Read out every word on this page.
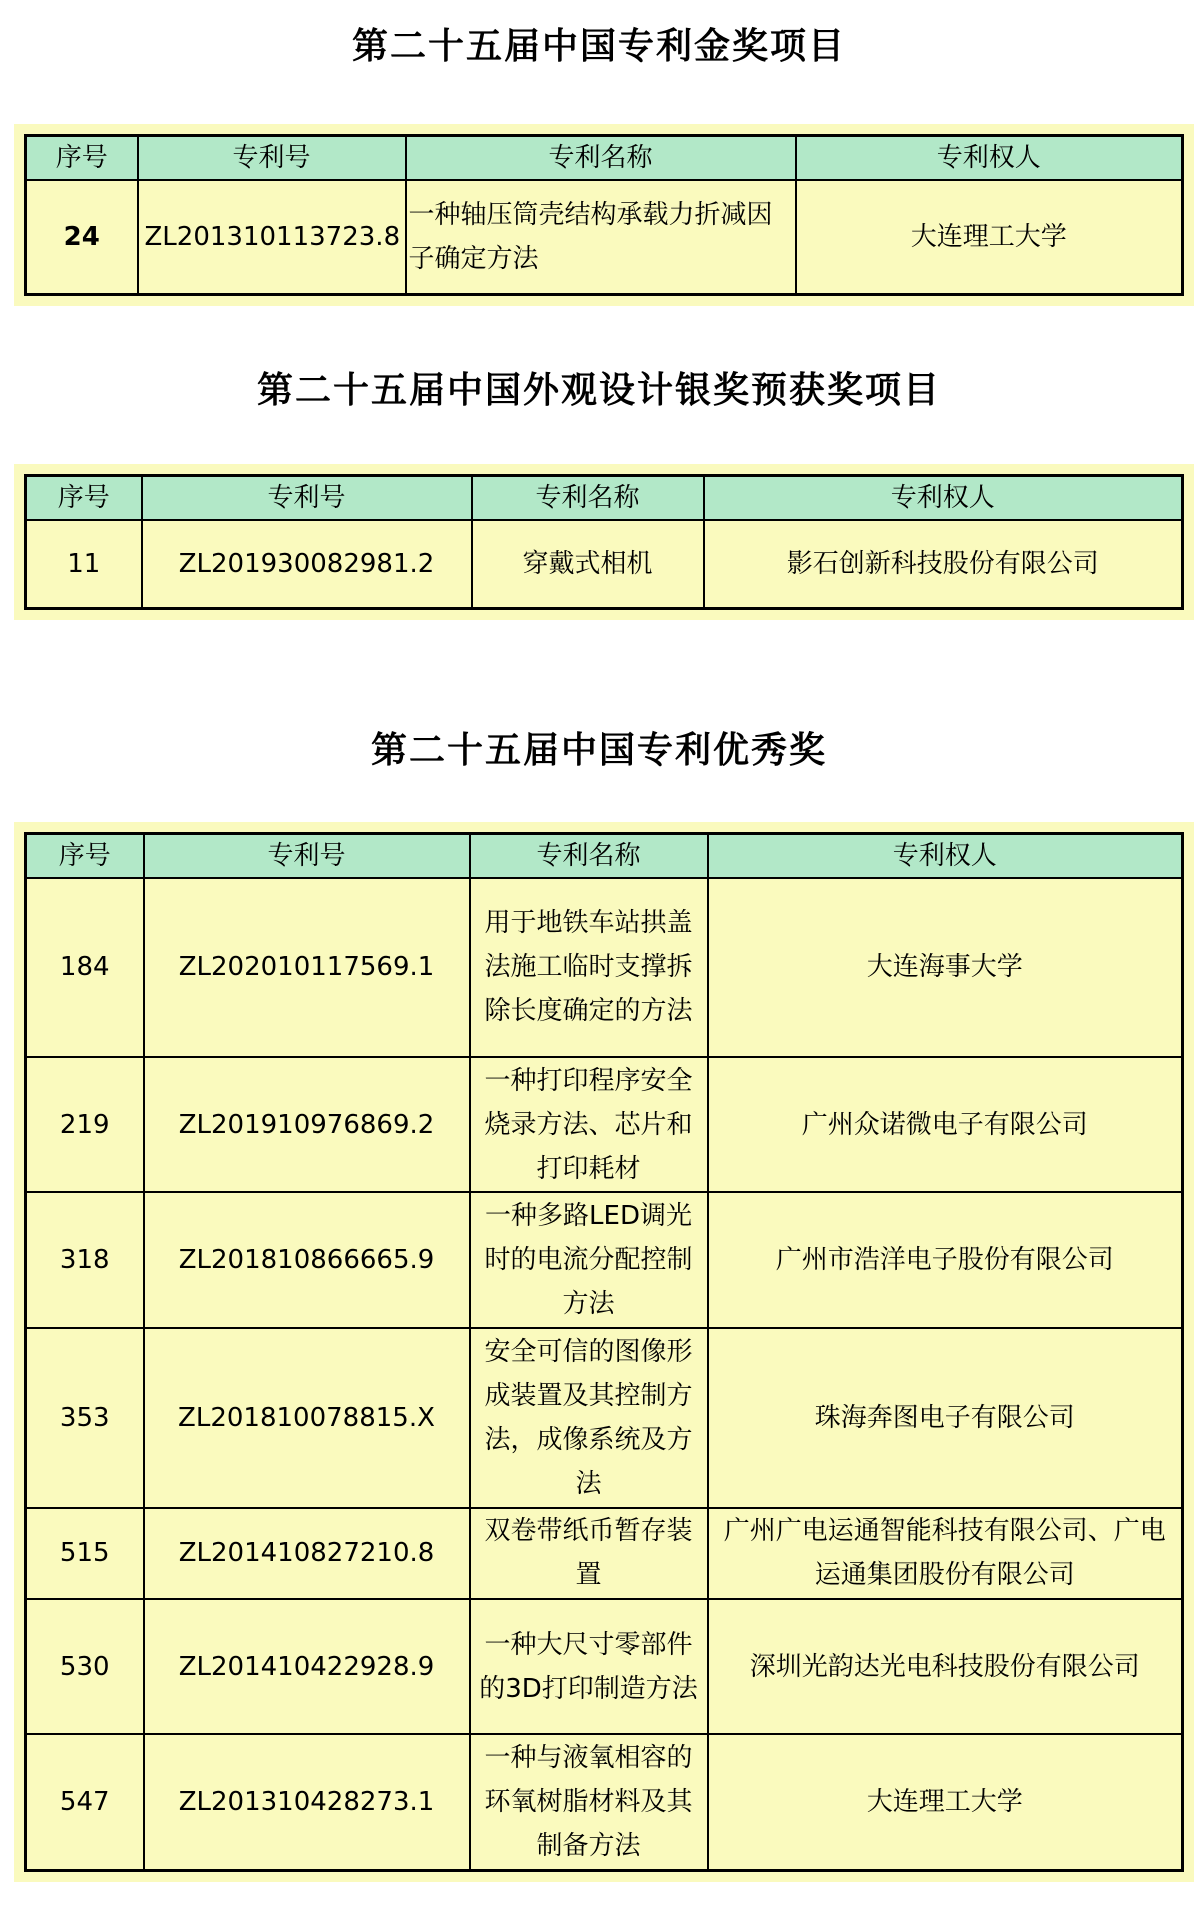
第二十五届中国专利金奖项目
序号	专利号	专利名称	专利权人
24	ZL201310113723.8	一种轴压筒壳结构承载力折减因子确定方法	大连理工大学
第二十五届中国外观设计银奖预获奖项目
序号	专利号	专利名称	专利权人
11	ZL201930082981.2	穿戴式相机	影石创新科技股份有限公司
第二十五届中国专利优秀奖
序号	专利号	专利名称	专利权人
184	ZL202010117569.1	用于地铁车站拱盖法施工临时支撑拆除长度确定的方法	大连海事大学
219	ZL201910976869.2	一种打印程序安全烧录方法、芯片和打印耗材	广州众诺微电子有限公司
318	ZL201810866665.9	一种多路LED调光时的电流分配控制方法	广州市浩洋电子股份有限公司
353	ZL201810078815.X	安全可信的图像形成装置及其控制方法，成像系统及方法	珠海奔图电子有限公司
515	ZL201410827210.8	双卷带纸币暂存装置	广州广电运通智能科技有限公司、广电运通集团股份有限公司
530	ZL201410422928.9	一种大尺寸零部件的3D打印制造方法	深圳光韵达光电科技股份有限公司
547	ZL201310428273.1	一种与液氧相容的环氧树脂材料及其制备方法	大连理工大学
